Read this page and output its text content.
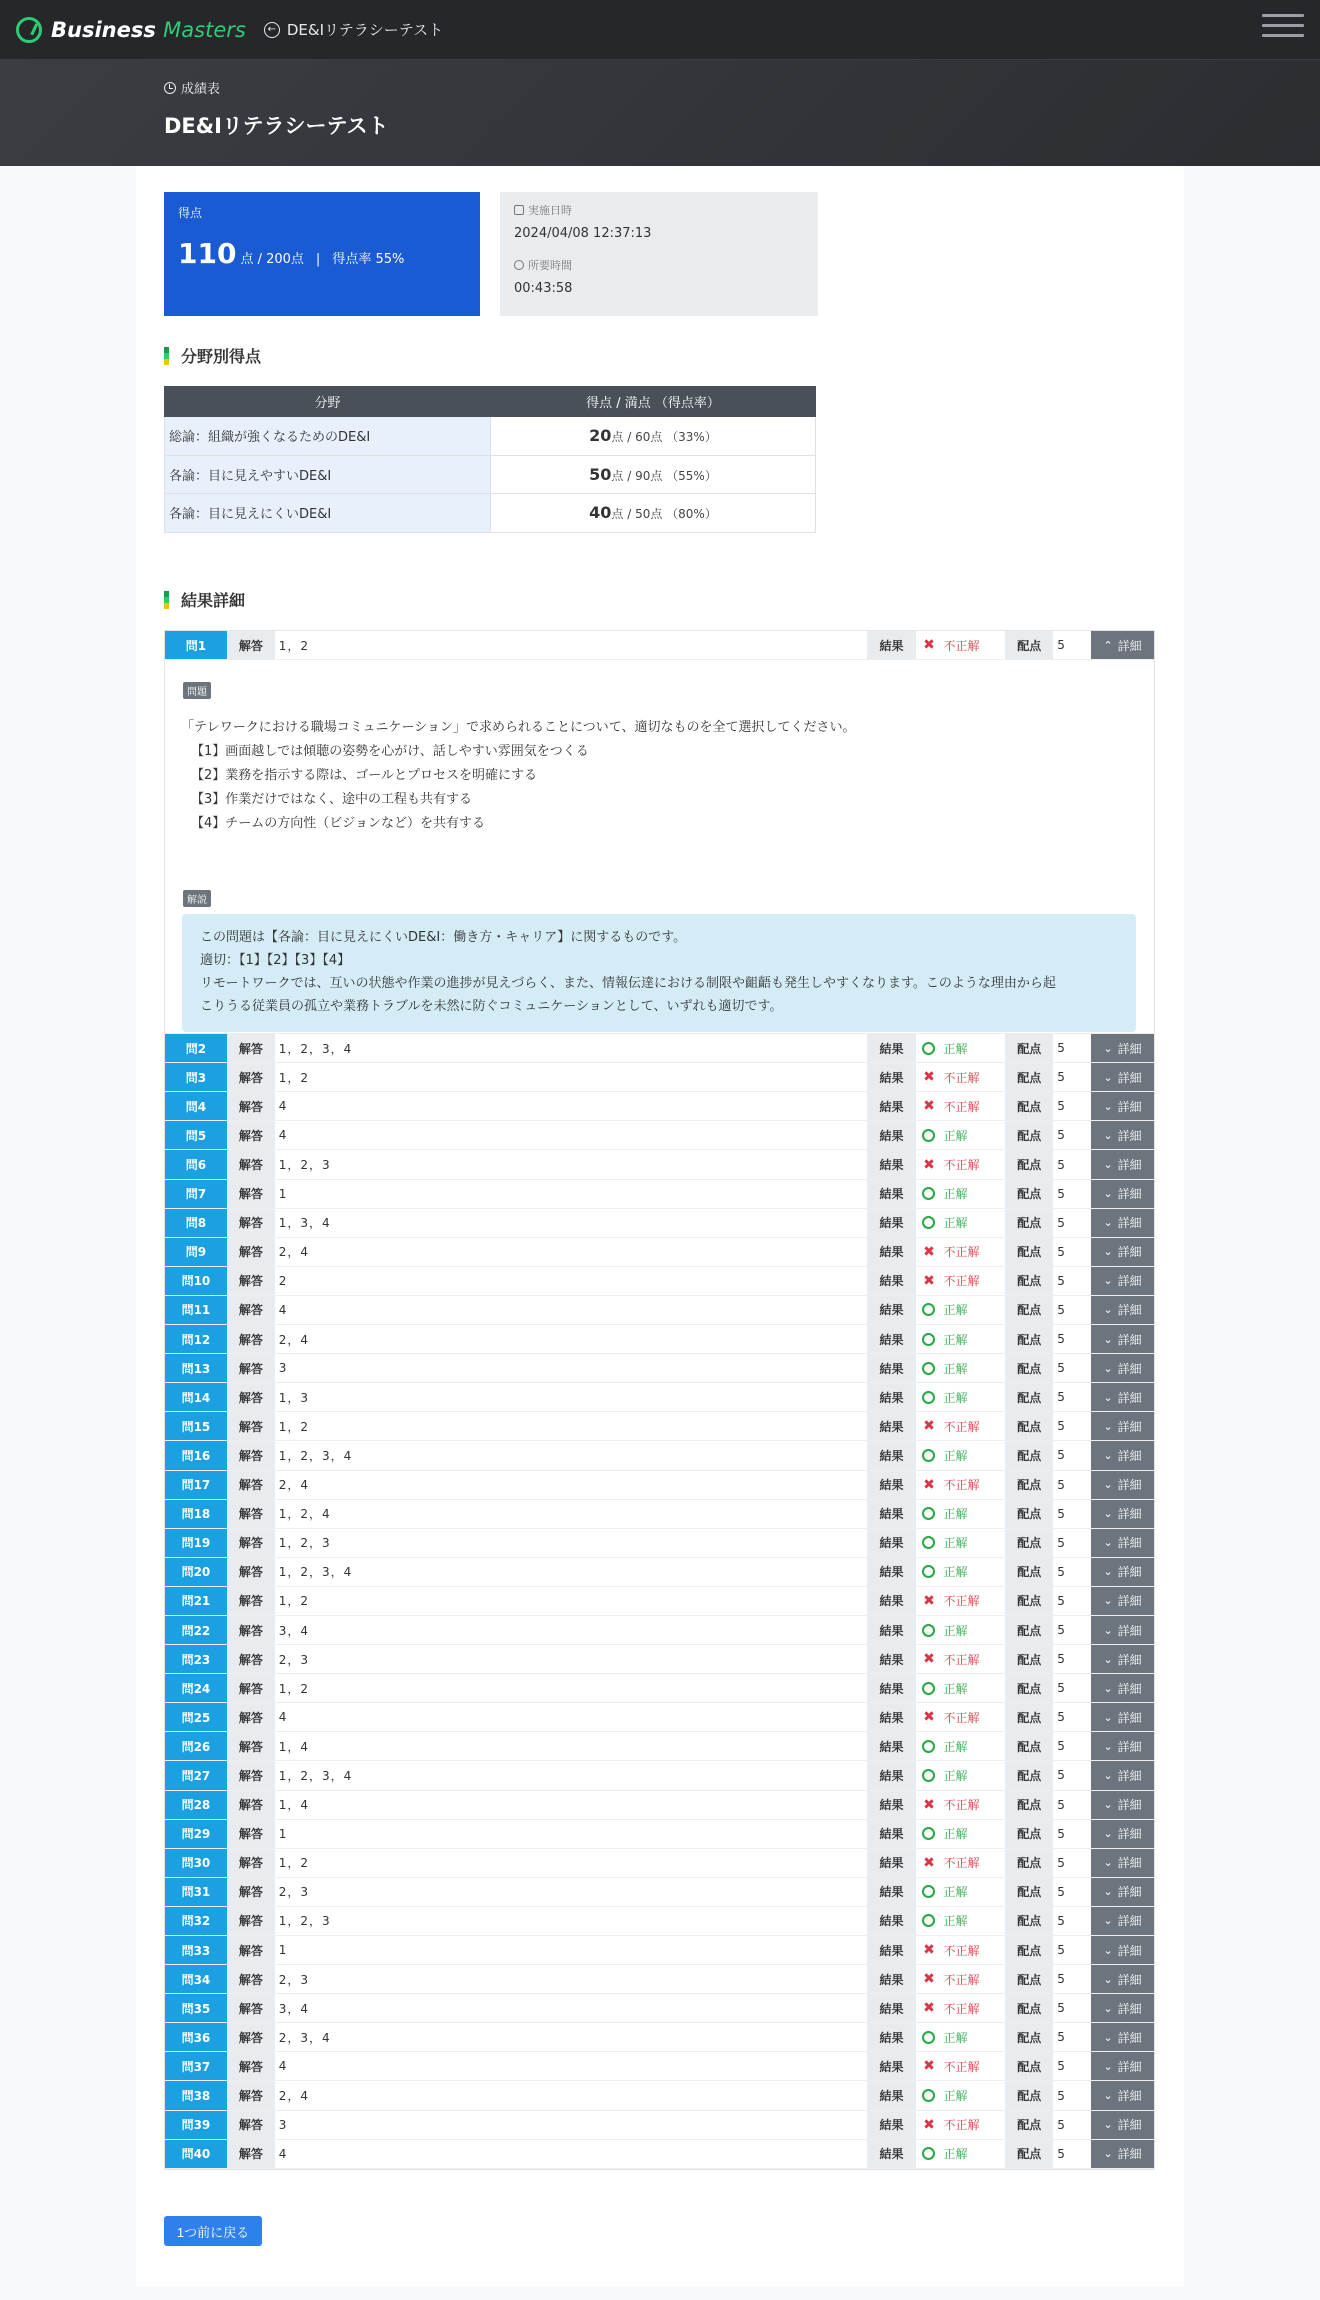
Business Masters	← DE&Iリテラシーテスト
成績表
DE&Iリテラシーテスト
得点
110 点 / 200点 | 得点率 55%
実施日時
2024/04/08 12:37:13
所要時間
00:43:58
分野別得点
分野	得点 / 満点 （得点率）
総論：組織が強くなるためのDE&I	20点 / 60点 （33%）
各論：目に見えやすいDE&I	50点 / 90点 （55%）
各論：目に見えにくいDE&I	40点 / 50点 （80%）
結果詳細
問1	解答	1，2	結果	✖ 不正解	配点	5	⌃ 詳細
問題
「テレワークにおける職場コミュニケーション」で求められることについて、適切なものを全て選択してください。
【1】画面越しでは傾聴の姿勢を心がけ、話しやすい雰囲気をつくる
【2】業務を指示する際は、ゴールとプロセスを明確にする
【3】作業だけではなく、途中の工程も共有する
【4】チームの方向性（ビジョンなど）を共有する
解説
この問題は【各論：目に見えにくいDE&I：働き方・キャリア】に関するものです。
適切：【1】【2】【3】【4】
リモートワークでは、互いの状態や作業の進捗が見えづらく、また、情報伝達における制限や齟齬も発生しやすくなります。このような理由から起
こりうる従業員の孤立や業務トラブルを未然に防ぐコミュニケーションとして、いずれも適切です。
問2	解答	1，2，3，4	結果	正解	配点	5	⌄ 詳細
問3	解答	1，2	結果	✖ 不正解	配点	5	⌄ 詳細
問4	解答	4	結果	✖ 不正解	配点	5	⌄ 詳細
問5	解答	4	結果	正解	配点	5	⌄ 詳細
問6	解答	1，2，3	結果	✖ 不正解	配点	5	⌄ 詳細
問7	解答	1	結果	正解	配点	5	⌄ 詳細
問8	解答	1，3，4	結果	正解	配点	5	⌄ 詳細
問9	解答	2，4	結果	✖ 不正解	配点	5	⌄ 詳細
問10	解答	2	結果	✖ 不正解	配点	5	⌄ 詳細
問11	解答	4	結果	正解	配点	5	⌄ 詳細
問12	解答	2，4	結果	正解	配点	5	⌄ 詳細
問13	解答	3	結果	正解	配点	5	⌄ 詳細
問14	解答	1，3	結果	正解	配点	5	⌄ 詳細
問15	解答	1，2	結果	✖ 不正解	配点	5	⌄ 詳細
問16	解答	1，2，3，4	結果	正解	配点	5	⌄ 詳細
問17	解答	2，4	結果	✖ 不正解	配点	5	⌄ 詳細
問18	解答	1，2，4	結果	正解	配点	5	⌄ 詳細
問19	解答	1，2，3	結果	正解	配点	5	⌄ 詳細
問20	解答	1，2，3，4	結果	正解	配点	5	⌄ 詳細
問21	解答	1，2	結果	✖ 不正解	配点	5	⌄ 詳細
問22	解答	3，4	結果	正解	配点	5	⌄ 詳細
問23	解答	2，3	結果	✖ 不正解	配点	5	⌄ 詳細
問24	解答	1，2	結果	正解	配点	5	⌄ 詳細
問25	解答	4	結果	✖ 不正解	配点	5	⌄ 詳細
問26	解答	1，4	結果	正解	配点	5	⌄ 詳細
問27	解答	1，2，3，4	結果	正解	配点	5	⌄ 詳細
問28	解答	1，4	結果	✖ 不正解	配点	5	⌄ 詳細
問29	解答	1	結果	正解	配点	5	⌄ 詳細
問30	解答	1，2	結果	✖ 不正解	配点	5	⌄ 詳細
問31	解答	2，3	結果	正解	配点	5	⌄ 詳細
問32	解答	1，2，3	結果	正解	配点	5	⌄ 詳細
問33	解答	1	結果	✖ 不正解	配点	5	⌄ 詳細
問34	解答	2，3	結果	✖ 不正解	配点	5	⌄ 詳細
問35	解答	3，4	結果	✖ 不正解	配点	5	⌄ 詳細
問36	解答	2，3，4	結果	正解	配点	5	⌄ 詳細
問37	解答	4	結果	✖ 不正解	配点	5	⌄ 詳細
問38	解答	2，4	結果	正解	配点	5	⌄ 詳細
問39	解答	3	結果	✖ 不正解	配点	5	⌄ 詳細
問40	解答	4	結果	正解	配点	5	⌄ 詳細
1つ前に戻る
